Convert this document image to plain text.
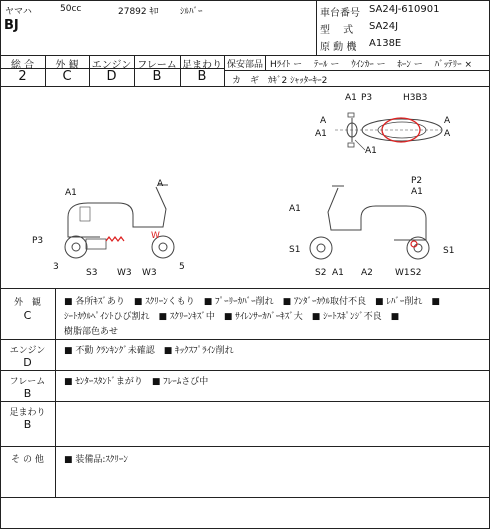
ヤマハ	50cc	27892 ｷﾛ ｼﾙﾊﾞｰ
BJ
車台番号 SA24J-610901
型　 式 SA24J
原 動 機 A138E
総 合	外 観	エンジン フレーム 足まわり
2	C	D	B	B
保安部品 Hﾗｲﾄ ー　 ﾃｰﾙ ー　 ｳｲﾝｶｰ ー　 ﾎｰﾝ ー　 ﾊﾞｯﾃﾘｰ ×
カ　ギ　ｶｷﾞ2 ｼｬｯﾀｰｷｰ2
A1 P3	H3B3
A
A1
A
A
A1
A
A1
W
P3
3
S3 W3 W3
5
P2
A1
A1
S1	S1
S2 A1 A2 W1 S2
外　観
C
■ 各所ｷｽﾞあり　■ ｽｸﾘｰﾝくもり　■ ﾌﾟｰﾘｰｶﾊﾞｰ削れ　■ ｱﾝﾀﾞｰｶｳﾙ取付不良　■ ﾚﾊﾞｰ削れ　■
ｼｰﾄｶｳﾙﾍﾟｲﾝﾄひび割れ　■ ｽｸﾘｰﾝｷｽﾞ中　■ ｻｲﾚﾝｻｰｶﾊﾞｰｷｽﾞ大　■ ｼｰﾄｽﾎﾟﾝｼﾞ不良　■
樹脂部色あせ
エンジン
D
■ 不動 ｸﾗﾝｷﾝｸﾞ未確認　■ ｷｯｸｽﾌﾟﾗｲﾝ削れ
フレーム
B
■ ｾﾝﾀｰｽﾀﾝﾄﾞまがり　■ ﾌﾚｰﾑさび中
足まわり
B
そ の 他	■ 装備品:ｽｸﾘｰﾝ
